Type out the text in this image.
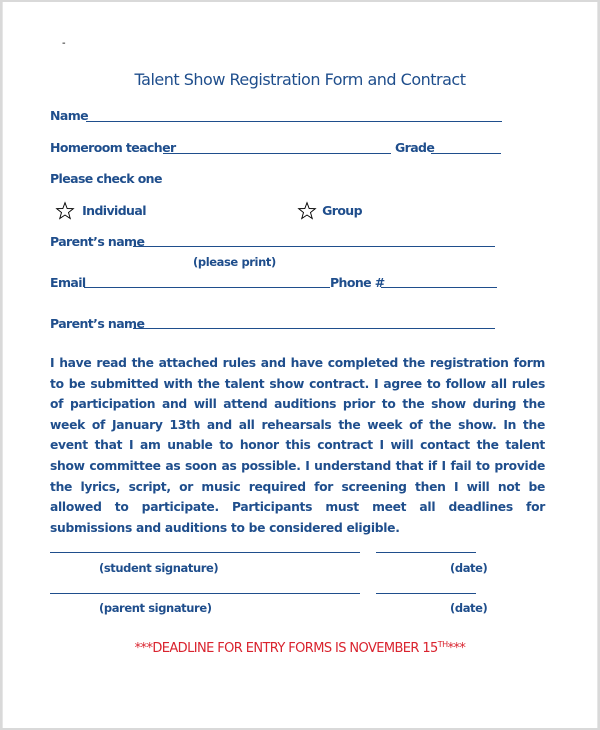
-
Talent Show Registration Form and Contract
Name
Homeroom teacher	Grade
Please check one
Individual	Group
Parent’s name
(please print)
Email	Phone #
Parent’s name
I have read the attached rules and have completed the registration form to be submitted with the talent show contract. I agree to follow all rules of participation and will attend auditions prior to the show during the week of January 13th and all rehearsals the week of the show. In the event that I am unable to honor this contract I will contact the talent show committee as soon as possible. I understand that if I fail to provide the lyrics, script, or music required for screening then I will not be allowed to participate. Participants must meet all deadlines for submissions and auditions to be considered eligible.
(student signature)	(date)
(parent signature)	(date)
***DEADLINE FOR ENTRY FORMS IS NOVEMBER 15TH***
